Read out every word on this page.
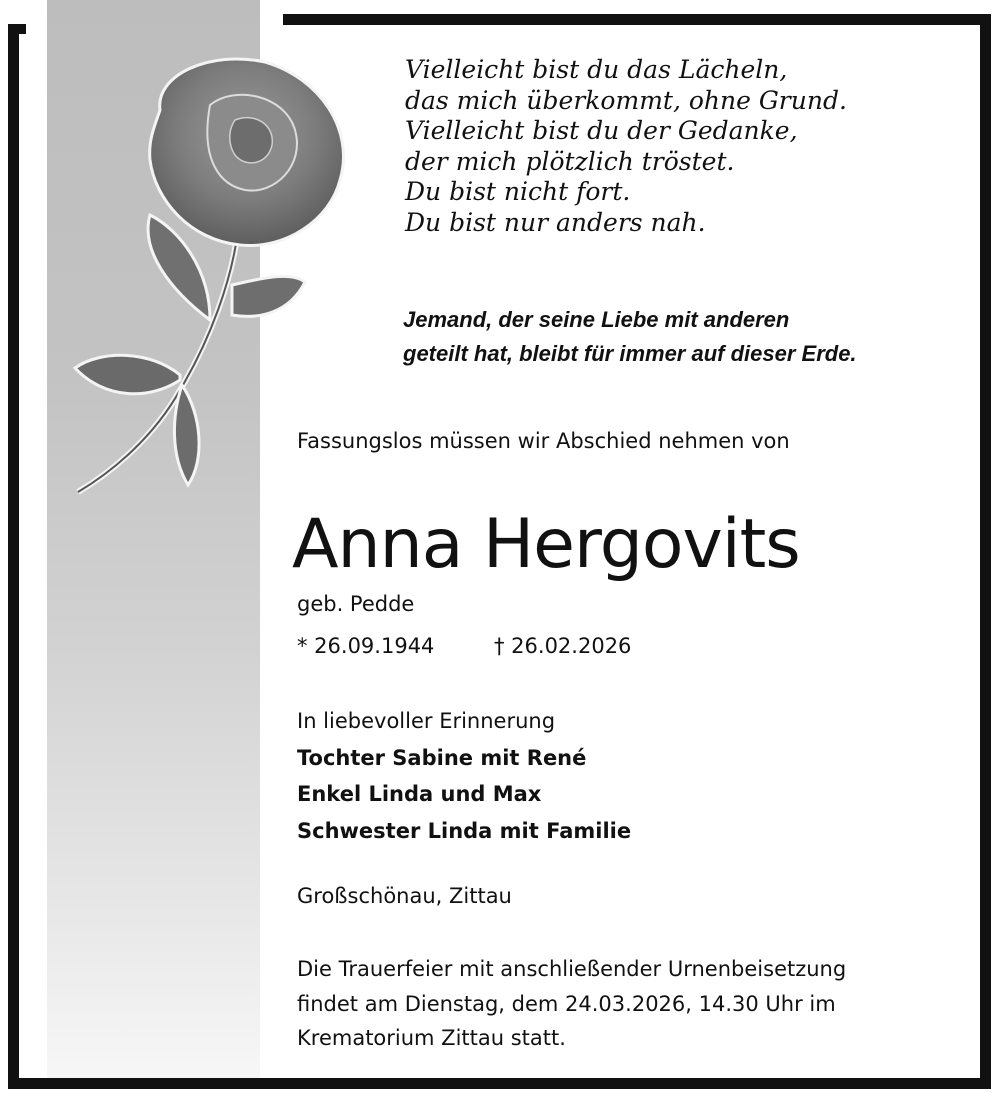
Vielleicht bist du das Lächeln,
das mich überkommt, ohne Grund.
Vielleicht bist du der Gedanke,
der mich plötzlich tröstet.
Du bist nicht fort.
Du bist nur anders nah.
Jemand, der seine Liebe mit anderen
geteilt hat, bleibt für immer auf dieser Erde.
Fassungslos müssen wir Abschied nehmen von
Anna Hergovits
geb. Pedde
* 26.09.1944	† 26.02.2026
In liebevoller Erinnerung
Tochter Sabine mit René
Enkel Linda und Max
Schwester Linda mit Familie
Großschönau, Zittau
Die Trauerfeier mit anschließender Urnenbeisetzung
findet am Dienstag, dem 24.03.2026, 14.30 Uhr im
Krematorium Zittau statt.
